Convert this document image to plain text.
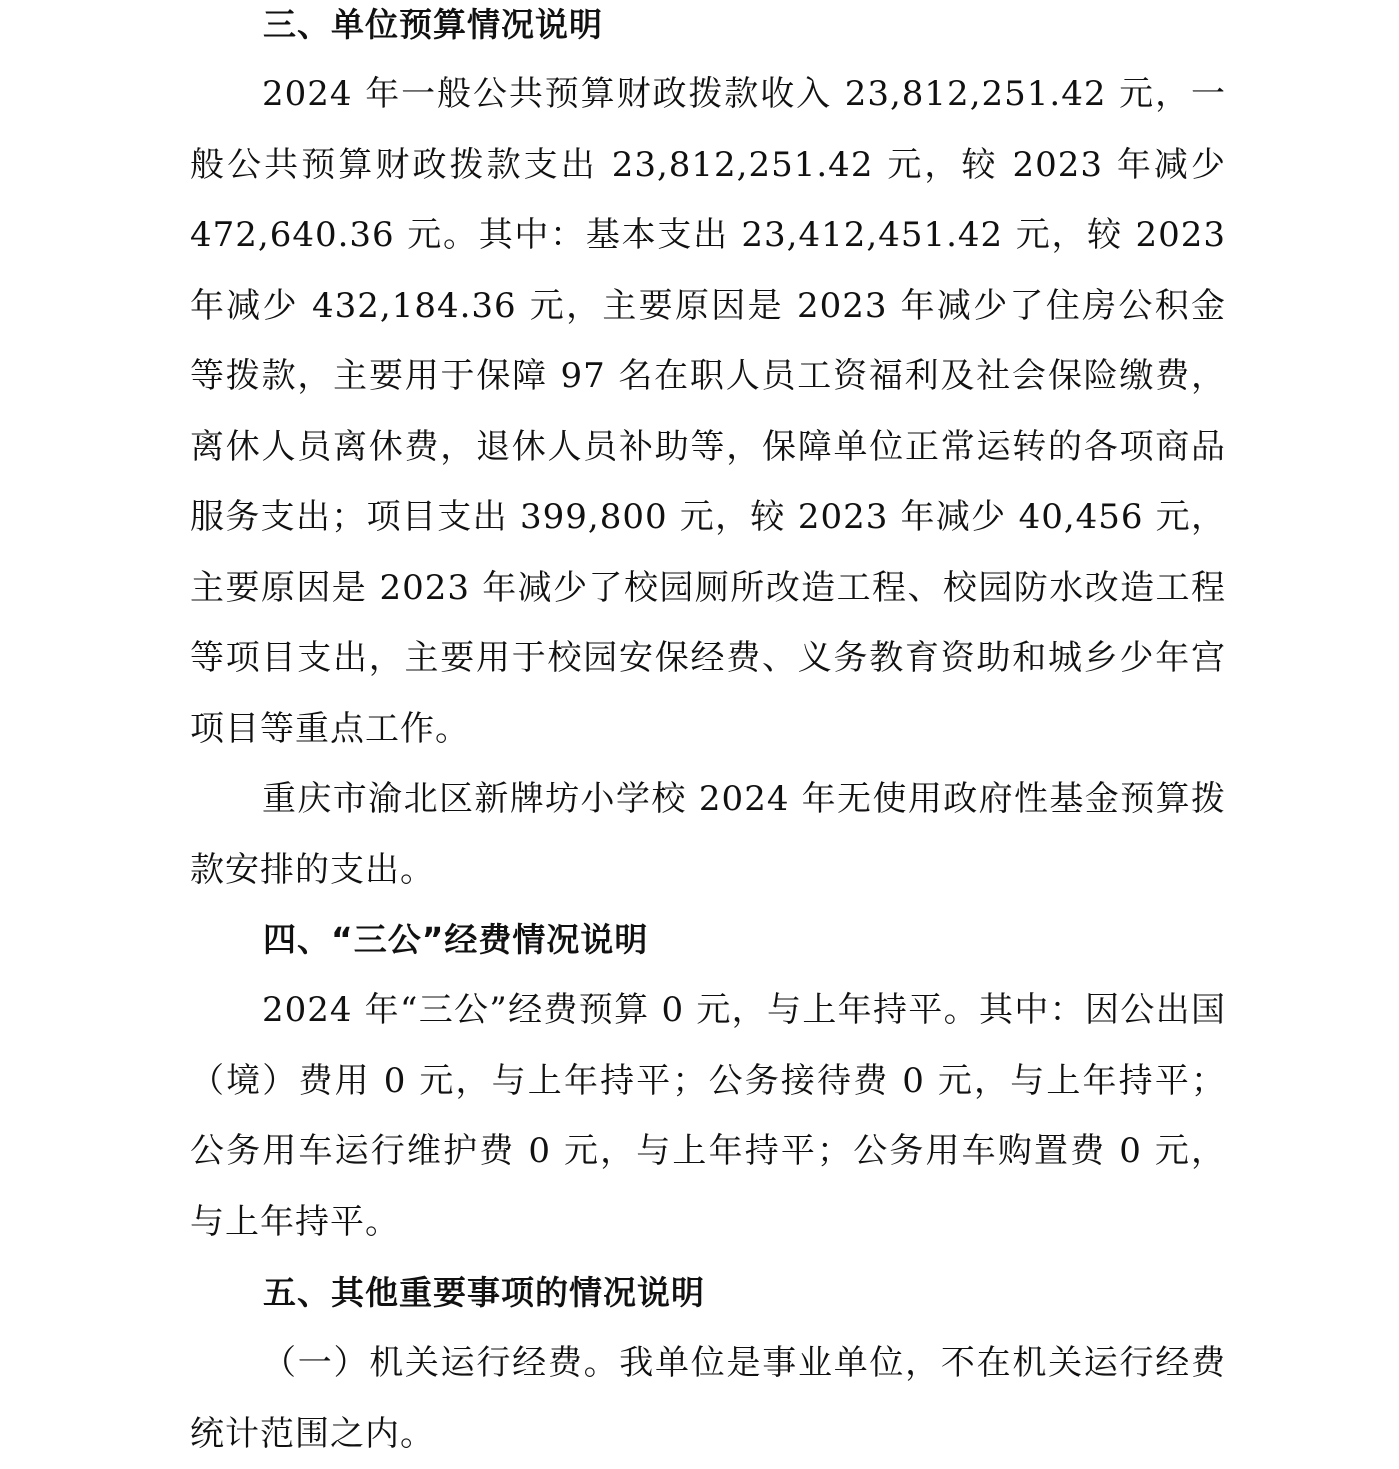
三、单位预算情况说明

2024 年一般公共预算财政拨款收入 23,812,251.42 元，一般公共预算财政拨款支出 23,812,251.42 元，较 2023 年减少 472,640.36 元。其中：基本支出 23,412,451.42 元，较 2023 年减少 432,184.36 元，主要原因是 2023 年减少了住房公积金等拨款，主要用于保障 97 名在职人员工资福利及社会保险缴费，离休人员离休费，退休人员补助等，保障单位正常运转的各项商品服务支出；项目支出 399,800 元，较 2023 年减少 40,456 元，主要原因是 2023 年减少了校园厕所改造工程、校园防水改造工程等项目支出，主要用于校园安保经费、义务教育资助和城乡少年宫项目等重点工作。

重庆市渝北区新牌坊小学校 2024 年无使用政府性基金预算拨款安排的支出。

四、“三公”经费情况说明

2024 年“三公”经费预算 0 元，与上年持平。其中：因公出国（境）费用 0 元，与上年持平；公务接待费 0 元，与上年持平；公务用车运行维护费 0 元，与上年持平；公务用车购置费 0 元，与上年持平。

五、其他重要事项的情况说明

（一）机关运行经费。我单位是事业单位，不在机关运行经费统计范围之内。
